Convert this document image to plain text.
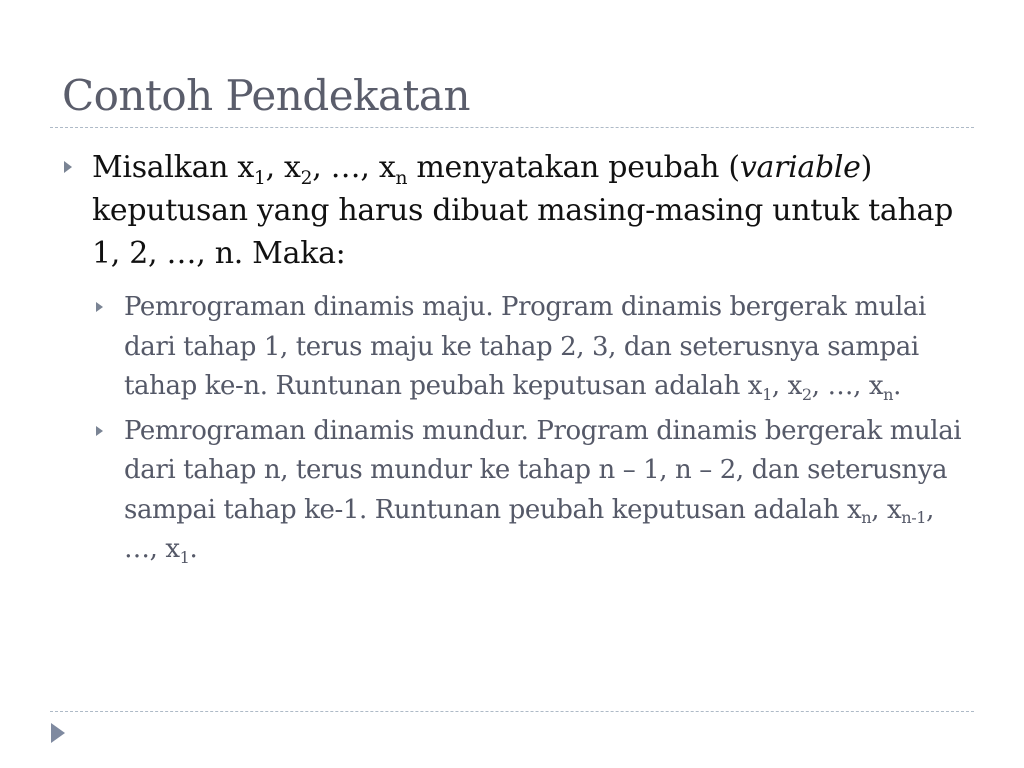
Contoh Pendekatan
Misalkan $x_1$, $x_2$, …, $x_n$ menyatakan peubah (variable) keputusan yang harus dibuat masing-masing untuk tahap 1, 2, …, n. Maka:
Pemrograman dinamis maju. Program dinamis bergerak mulai dari tahap 1, terus maju ke tahap 2, 3, dan seterusnya sampai tahap ke-n. Runtunan peubah keputusan adalah $x_1$, $x_2$, …, $x_n$.
Pemrograman dinamis mundur. Program dinamis bergerak mulai dari tahap n, terus mundur ke tahap n – 1, n – 2, dan seterusnya sampai tahap ke-1. Runtunan peubah keputusan adalah $x_n$, $x_{n-1}$, …, $x_1$.
